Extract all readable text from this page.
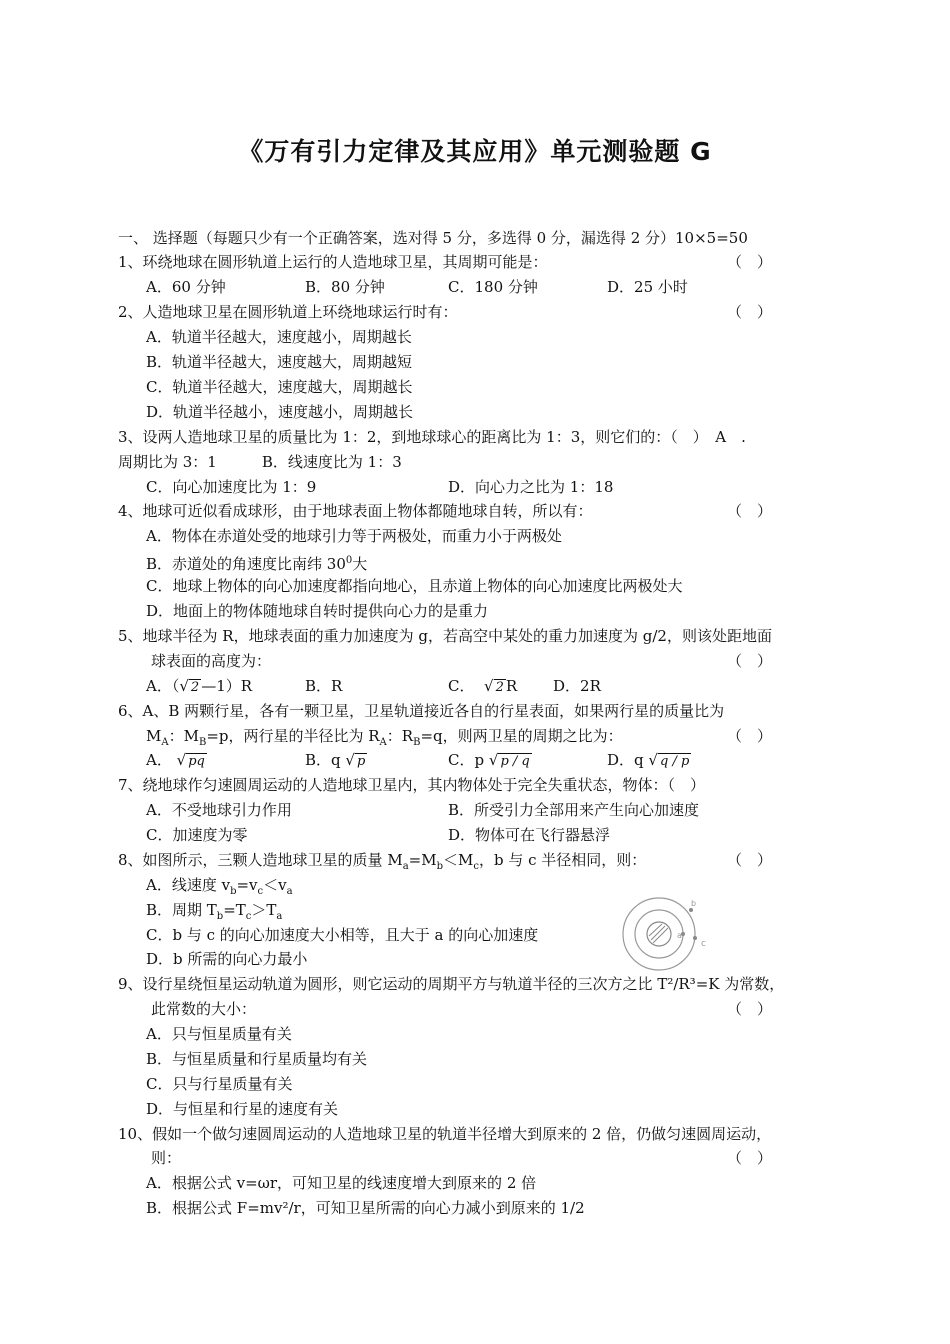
《万有引力定律及其应用》单元测验题 G
一、 选择题（每题只少有一个正确答案，选对得 5 分，多选得 0 分，漏选得 2 分）10×5=50
1、环绕地球在圆形轨道上运行的人造地球卫星，其周期可能是：	（　）
A．60 分钟	B．80 分钟	C．180 分钟	D．25 小时
2、人造地球卫星在圆形轨道上环绕地球运行时有：	（　）
A．轨道半径越大，速度越小，周期越长
B．轨道半径越大，速度越大，周期越短
C．轨道半径越大，速度越大，周期越长
D．轨道半径越小，速度越小，周期越长
3、设两人造地球卫星的质量比为 1：2，到地球球心的距离比为 1：3，则它们的：（　）　A　.
周期比为 3：1　　　B．线速度比为 1：3
C．向心加速度比为 1：9	D．向心力之比为 1：18
4、地球可近似看成球形，由于地球表面上物体都随地球自转，所以有：	（　）
A．物体在赤道处受的地球引力等于两极处，而重力小于两极处
B．赤道处的角速度比南纬 $30^0$大
C．地球上物体的向心加速度都指向地心，且赤道上物体的向心加速度比两极处大
D．地面上的物体随地球自转时提供向心力的是重力
5、地球半径为 R，地球表面的重力加速度为 g，若高空中某处的重力加速度为 g/2，则该处距地面
球表面的高度为：	（　）
A．（√ 2 —1）R	B．R	C． √ 2 R D．2R
6、A、B 两颗行星，各有一颗卫星，卫星轨道接近各自的行星表面，如果两行星的质量比为
$M_A$：$M_B=p$，两行星的半径比为 $R_A$：$R_B=q$，则两卫星的周期之比为：	（　）
A． √ pq	B．q √ p	C．p √ p / q	D．q √ q / p
7、绕地球作匀速圆周运动的人造地球卫星内，其内物体处于完全失重状态，物体：（　）
A．不受地球引力作用	B．所受引力全部用来产生向心加速度
C．加速度为零	D．物体可在飞行器悬浮
8、如图所示，三颗人造地球卫星的质量 $M_a=M_b<M_c$，b 与 c 半径相同，则：	（　）
A．线速度 $v_b=v_c<v_a$
B．周期 $T_b=T_c>T_a$
C．b 与 c 的向心加速度大小相等，且大于 a 的向心加速度
D．b 所需的向心力最小
a
b
c
9、设行星绕恒星运动轨道为圆形，则它运动的周期平方与轨道半径的三次方之比 T²/R³=K 为常数，
此常数的大小：	（　）
A．只与恒星质量有关
B．与恒星质量和行星质量均有关
C．只与行星质量有关
D．与恒星和行星的速度有关
10、假如一个做匀速圆周运动的人造地球卫星的轨道半径增大到原来的 2 倍，仍做匀速圆周运动，
则：	（　）
A．根据公式 v=ωr，可知卫星的线速度增大到原来的 2 倍
B．根据公式 F=mv²/r，可知卫星所需的向心力减小到原来的 1/2
